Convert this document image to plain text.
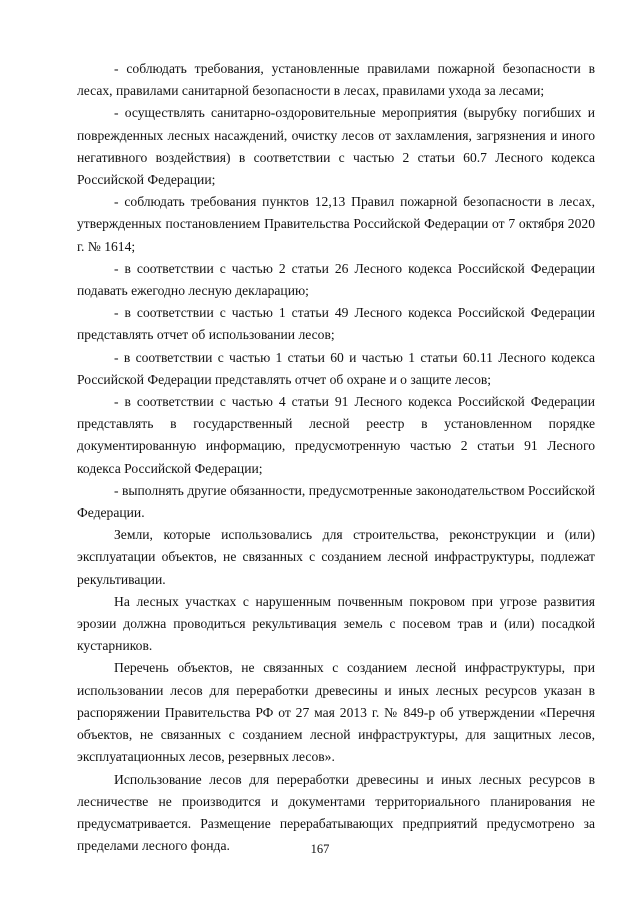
- соблюдать требования, установленные правилами пожарной безопасности в лесах, правилами санитарной безопасности в лесах, правилами ухода за лесами;

- осуществлять санитарно-оздоровительные мероприятия (вырубку погибших и поврежденных лесных насаждений, очистку лесов от захламления, загрязнения и иного негативного воздействия) в соответствии с частью 2 статьи 60.7 Лесного кодекса Российской Федерации;

- соблюдать требования пунктов 12,13 Правил пожарной безопасности в лесах, утвержденных постановлением Правительства Российской Федерации от 7 октября 2020 г. № 1614;

- в соответствии с частью 2 статьи 26 Лесного кодекса Российской Федерации подавать ежегодно лесную декларацию;

- в соответствии с частью 1 статьи 49 Лесного кодекса Российской Федерации представлять отчет об использовании лесов;

- в соответствии с частью 1 статьи 60 и частью 1 статьи 60.11 Лесного кодекса Российской Федерации представлять отчет об охране и о защите лесов;

- в соответствии с частью 4 статьи 91 Лесного кодекса Российской Федерации представлять в государственный лесной реестр в установленном порядке документированную информацию, предусмотренную частью 2 статьи 91 Лесного кодекса Российской Федерации;

- выполнять другие обязанности, предусмотренные законодательством Российской Федерации.

Земли, которые использовались для строительства, реконструкции и (или) эксплуатации объектов, не связанных с созданием лесной инфраструктуры, подлежат рекультивации.

На лесных участках с нарушенным почвенным покровом при угрозе развития эрозии должна проводиться рекультивация земель с посевом трав и (или) посадкой кустарников.

Перечень объектов, не связанных с созданием лесной инфраструктуры, при использовании лесов для переработки древесины и иных лесных ресурсов указан в распоряжении Правительства РФ от 27 мая 2013 г. № 849-р об утверждении «Перечня объектов, не связанных с созданием лесной инфраструктуры, для защитных лесов, эксплуатационных лесов, резервных лесов».

Использование лесов для переработки древесины и иных лесных ресурсов в лесничестве не производится и документами территориального планирования не предусматривается. Размещение перерабатывающих предприятий предусмотрено за пределами лесного фонда.	167
